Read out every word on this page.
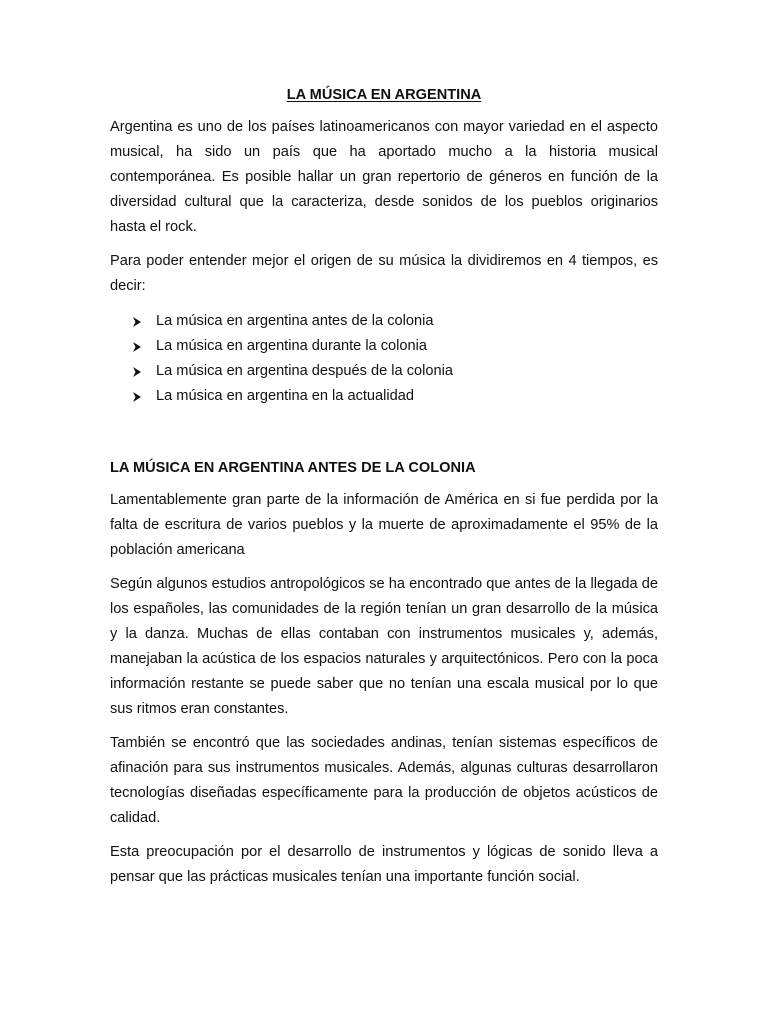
LA MÚSICA EN ARGENTINA

Argentina es uno de los países latinoamericanos con mayor variedad en el aspecto musical, ha sido un país que ha aportado mucho a la historia musical contemporánea. Es posible hallar un gran repertorio de géneros en función de la diversidad cultural que la caracteriza, desde sonidos de los pueblos originarios hasta el rock.

Para poder entender mejor el origen de su música la dividiremos en 4 tiempos, es decir:

La música en argentina antes de la colonia
La música en argentina durante la colonia
La música en argentina después de la colonia
La música en argentina en la actualidad
LA MÚSICA EN ARGENTINA ANTES DE LA COLONIA

Lamentablemente gran parte de la información de América en si fue perdida por la falta de escritura de varios pueblos y la muerte de aproximadamente el 95% de la población americana

Según algunos estudios antropológicos se ha encontrado que antes de la llegada de los españoles, las comunidades de la región tenían un gran desarrollo de la música y la danza. Muchas de ellas contaban con instrumentos musicales y, además, manejaban la acústica de los espacios naturales y arquitectónicos. Pero con la poca información restante se puede saber que no tenían una escala musical por lo que sus ritmos eran constantes.

También se encontró que las sociedades andinas, tenían sistemas específicos de afinación para sus instrumentos musicales. Además, algunas culturas desarrollaron tecnologías diseñadas específicamente para la producción de objetos acústicos de calidad.

Esta preocupación por el desarrollo de instrumentos y lógicas de sonido lleva a pensar que las prácticas musicales tenían una importante función social.
